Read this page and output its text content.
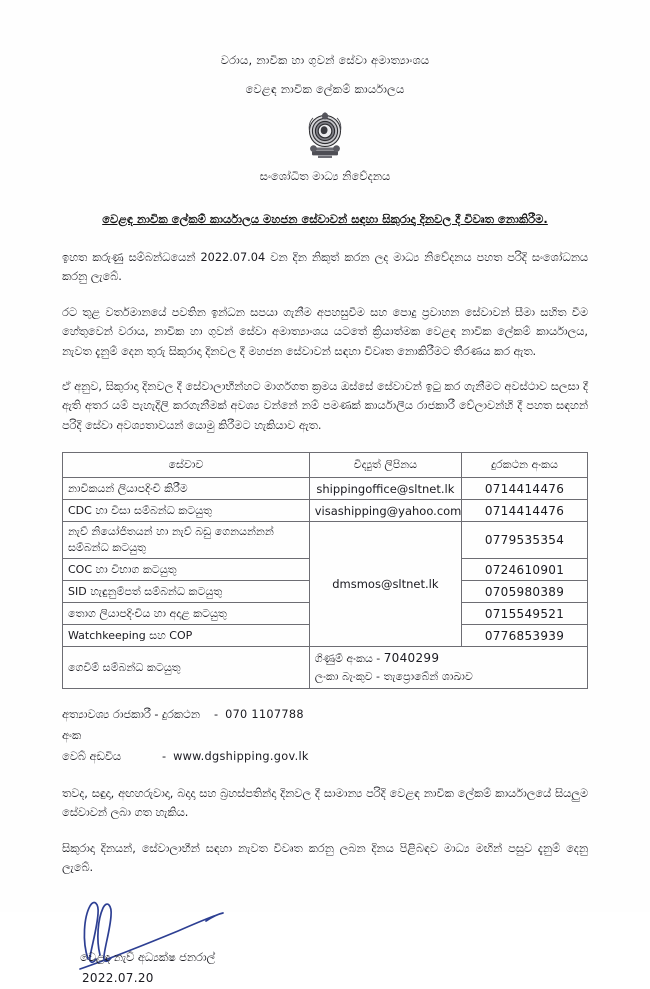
වරාය, නාවික හා ගුවන් සේවා අමාත්‍යාංශය
වෙළඳ නාවික ලේකම් කාර්යාලය
සංශෝධිත මාධ්‍ය නිවේදනය
වෙළඳ නාවික ලේකම් කාර්යාලය මහජන සේවාවන් සඳහා සිකුරාදා දිනවල දී විවෘත නොකිරීම.

ඉහත කරුණු සම්බන්ධයෙන් 2022.07.04 වන දින නිකුත් කරන ලද මාධ්‍ය නිවේදනය පහත පරිදි සංශෝධනය කරනු ලැබේ.

රට තුළ වර්තමානයේ පවතින ඉන්ධන සපයා ගැනීම අපහසුවීම සහ පොදු ප්‍රවාහන සේවාවන් සීමා සහිත වීම හේතුවෙන් වරාය, නාවික හා ගුවන් සේවා අමාත්‍යාංශය යටතේ ක්‍රියාත්මක වෙළඳ නාවික ලේකම් කාර්යාලය, නැවත දැනුම් දෙන තුරු සිකුරාදා දිනවල දී මහජන සේවාවන් සඳහා විවෘත නොකිරීමට තීරණය කර ඇත.

ඒ අනුව, සිකුරාදා දිනවල දී සේවාලාභීන්හට මාර්ගගත ක්‍රමය ඔස්සේ සේවාවන් ඉටු කර ගැනීමට අවස්ථාව සලසා දී ඇති අතර යම් පැහැදිලි කරගැනීමක් අවශ්‍ය වන්නේ නම් පමණක් කාර්යාලීය රාජකාරී වේලාවන්හි දී පහත සඳහන් පරිදි සේවා අවශ්‍යතාවයන් යොමු කිරීමට හැකියාව ඇත.

සේවාව	විද්‍යුත් ලිපිනය	දුරකථන අංකය
නාවිකයන් ලියාපදිංචි කිරීම	shippingoffice@sltnet.lk	0714414476
CDC හා විසා සම්බන්ධ කටයුතු	visashipping@yahoo.com	0714414476
නැව් නියෝජිතයන් හා නැව් බඩු ගෙනයන්නන් සම්බන්ධ කටයුතු	dmsmos@sltnet.lk	0779535354
COC හා විභාග කටයුතු		0724610901
SID හැඳුනුම්පත් සම්බන්ධ කටයුතු		0705980389
තොග ලියාපදිංචිය හා අදාළ කටයුතු		0715549521
Watchkeeping සහ COP		0776853939
ගෙවීම් සම්බන්ධ කටයුතු	ගිණුම් අංකය - 7040299
ලංකා බැංකුව - තැප්‍රොබේන් ශාඛාව	
අත්‍යාවශ්‍ය රාජකාරී - දුරකථන අංක
- 070 1107788
වෙබ් අඩවිය	- www.dgshipping.gov.lk

තවද, සඳුදා, අඟහරුවාදා, බදාදා සහ බ්‍රහස්පතින්දා දිනවල දී සාමාන්‍ය පරිදි වෙළඳ නාවික ලේකම් කාර්යාලයේ සියලුම සේවාවන් ලබා ගත හැකිය.

සිකුරාදා දිනයන්, සේවාලාභීන් සඳහා නැවත විවෘත කරනු ලබන දිනය පිළිබඳව මාධ්‍ය මඟින් පසුව දැනුම් දෙනු ලැබේ.

වෙළඳ නැව් අධ්‍යක්ෂ ජනරාල්
2022.07.20
